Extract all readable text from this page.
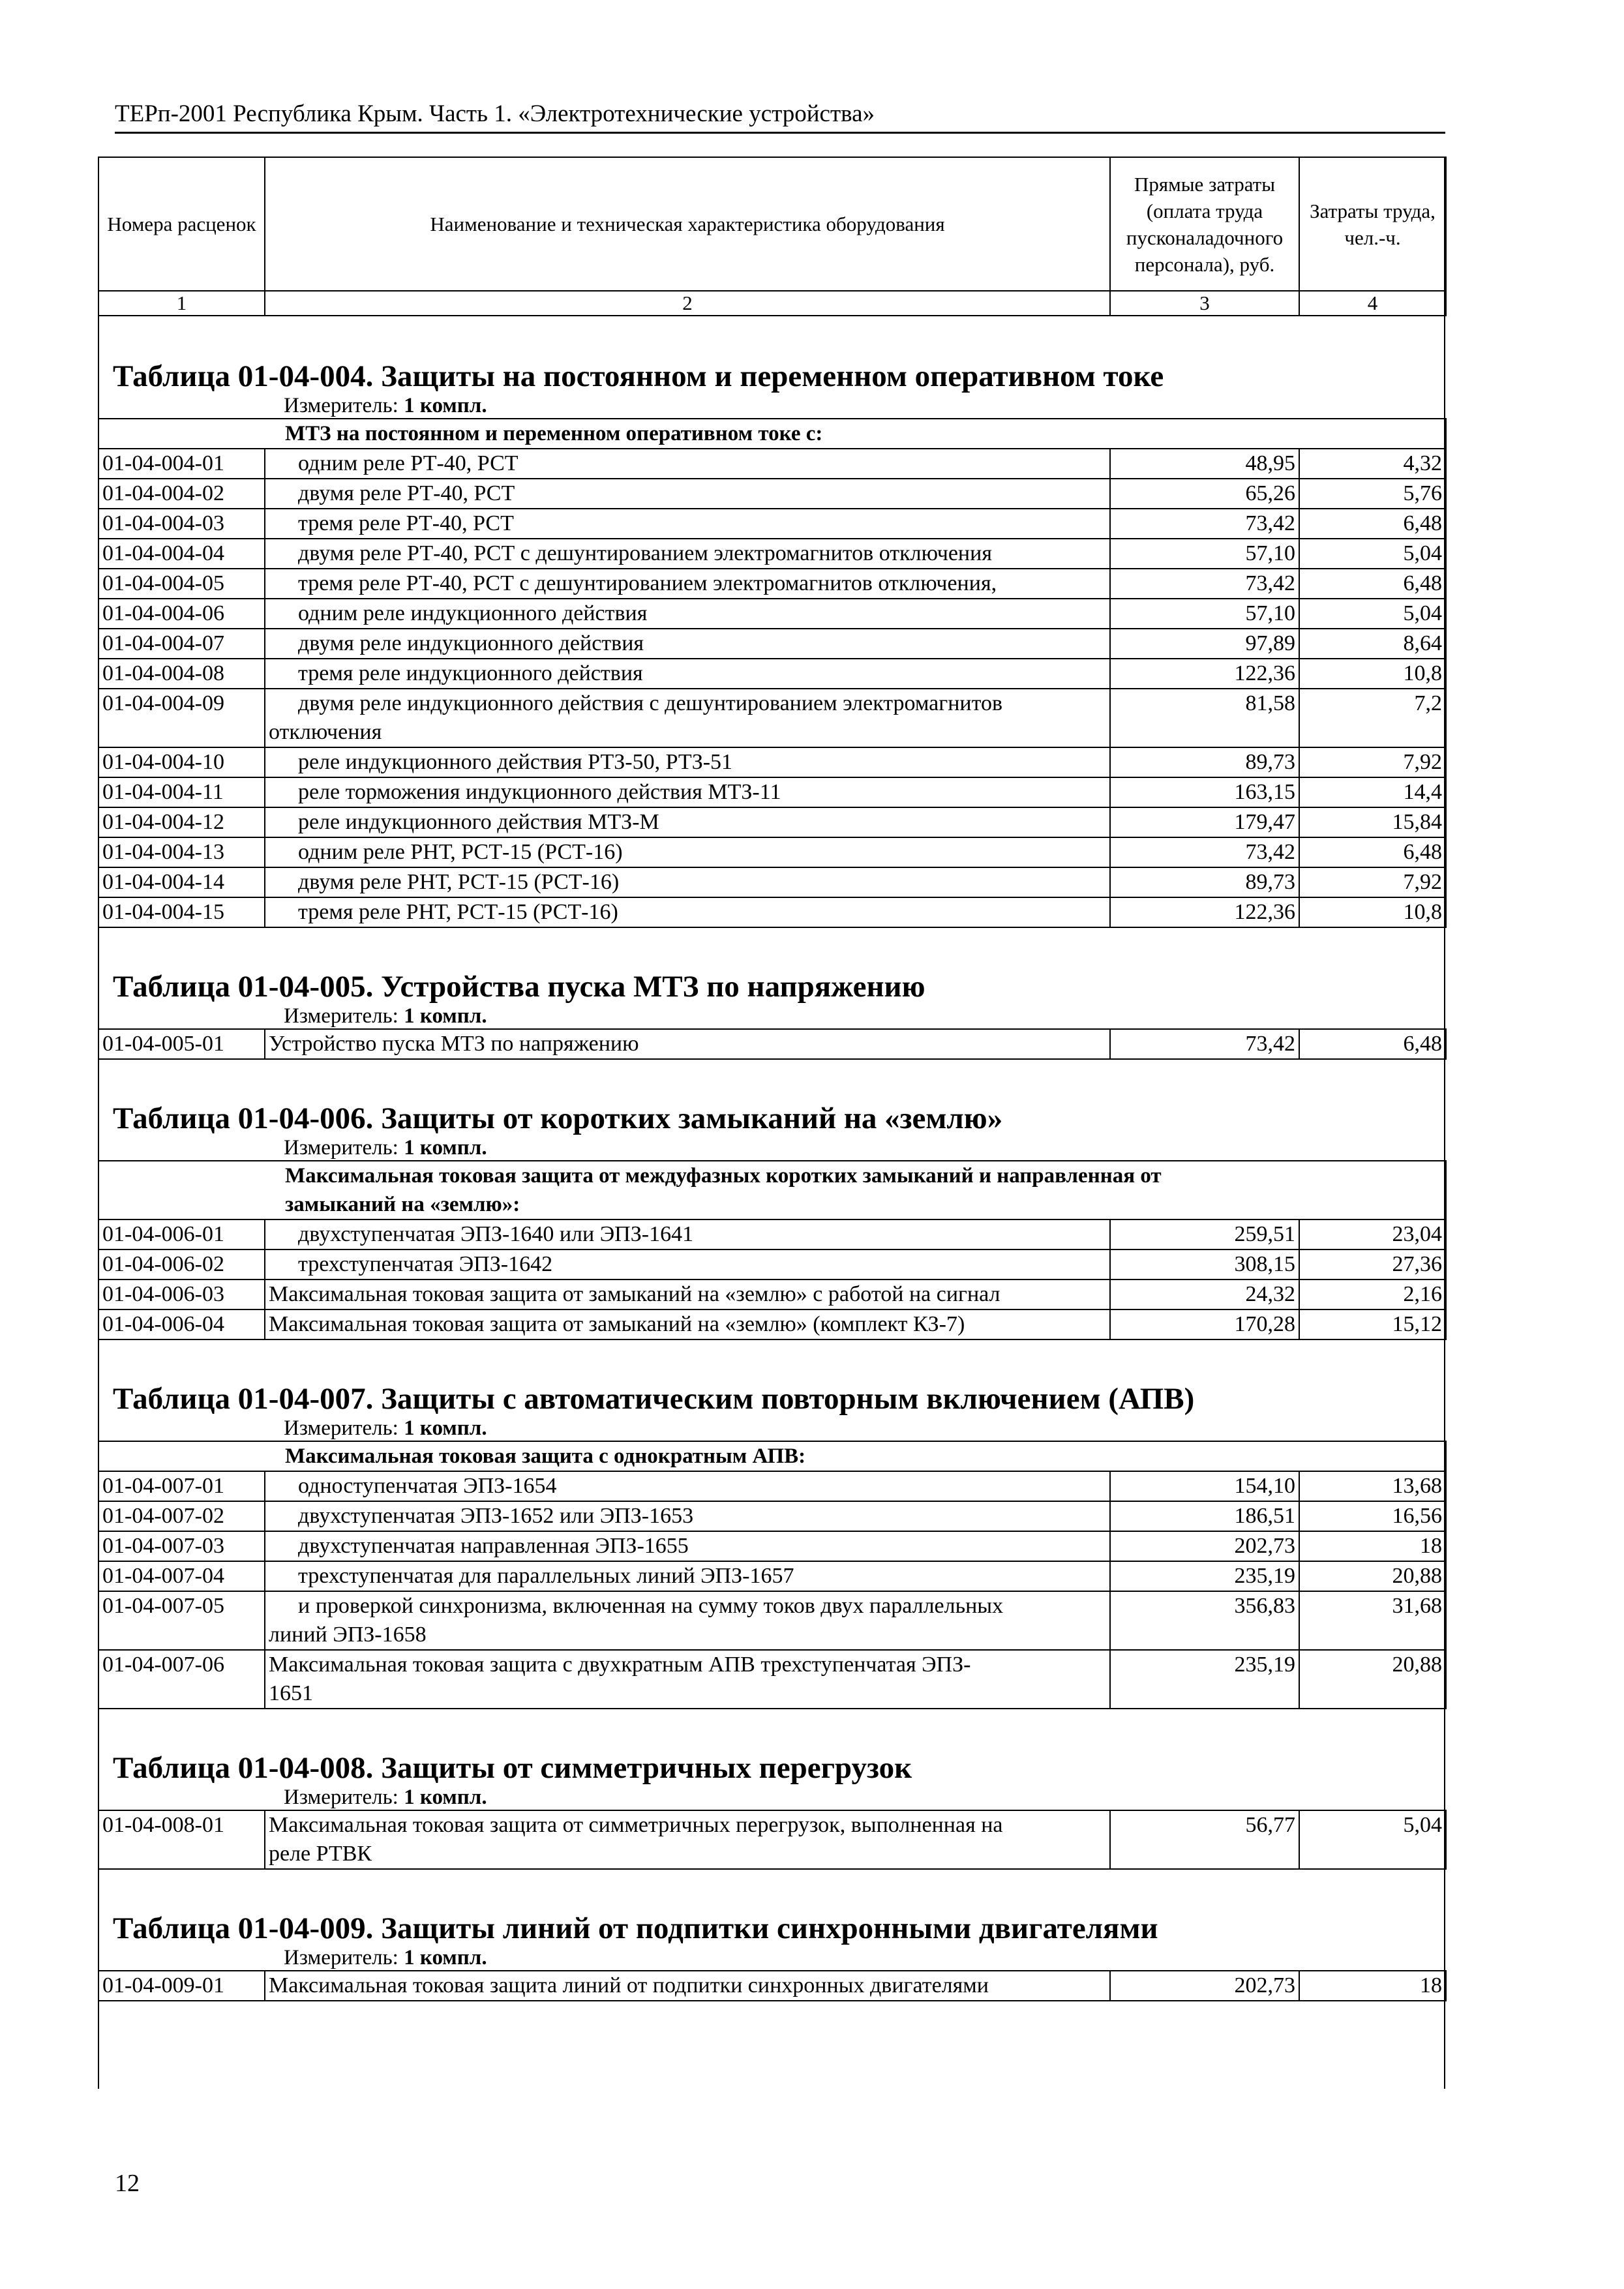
ТЕРп-2001 Республика Крым. Часть 1. «Электротехнические устройства»
Номера расценок	Наименование и техническая характеристика оборудования	Прямые затраты (оплата труда пусконаладочного персонала), руб.	Затраты труда, чел.-ч.
1	2	3	4
Таблица 01-04-004. Защиты на постоянном и переменном оперативном токе
Измеритель: 1 компл.
МТЗ на постоянном и переменном оперативном токе с:			
01-04-004-01	одним реле РТ-40, РСТ	48,95	4,32
01-04-004-02	двумя реле РТ-40, РСТ	65,26	5,76
01-04-004-03	тремя реле РТ-40, РСТ	73,42	6,48
01-04-004-04	двумя реле РТ-40, РСТ с дешунтированием электромагнитов отключения	57,10	5,04
01-04-004-05	тремя реле РТ-40, РСТ с дешунтированием электромагнитов отключения,	73,42	6,48
01-04-004-06	одним реле индукционного действия	57,10	5,04
01-04-004-07	двумя реле индукционного действия	97,89	8,64
01-04-004-08	тремя реле индукционного действия	122,36	10,8
01-04-004-09	двумя реле индукционного действия с дешунтированием электромагнитов
отключения	81,58	7,2
01-04-004-10	реле индукционного действия РТЗ-50, РТЗ-51	89,73	7,92
01-04-004-11	реле торможения индукционного действия МТЗ-11	163,15	14,4
01-04-004-12	реле индукционного действия МТЗ-М	179,47	15,84
01-04-004-13	одним реле РНТ, РСТ-15 (РСТ-16)	73,42	6,48
01-04-004-14	двумя реле РНТ, РСТ-15 (РСТ-16)	89,73	7,92
01-04-004-15	тремя реле РНТ, РСТ-15 (РСТ-16)	122,36	10,8
Таблица 01-04-005. Устройства пуска МТЗ по напряжению
Измеритель: 1 компл.
01-04-005-01	Устройство пуска МТЗ по напряжению	73,42	6,48
Таблица 01-04-006. Защиты от коротких замыканий на «землю»
Измеритель: 1 компл.
Максимальная токовая защита от междуфазных коротких замыканий и направленная от
замыканий на «землю»:			
01-04-006-01	двухступенчатая ЭПЗ-1640 или ЭПЗ-1641	259,51	23,04
01-04-006-02	трехступенчатая ЭПЗ-1642	308,15	27,36
01-04-006-03	Максимальная токовая защита от замыканий на «землю» с работой на сигнал	24,32	2,16
01-04-006-04	Максимальная токовая защита от замыканий на «землю» (комплект КЗ-7)	170,28	15,12
Таблица 01-04-007. Защиты с автоматическим повторным включением (АПВ)
Измеритель: 1 компл.
Максимальная токовая защита с однократным АПВ:			
01-04-007-01	одноступенчатая ЭПЗ-1654	154,10	13,68
01-04-007-02	двухступенчатая ЭПЗ-1652 или ЭПЗ-1653	186,51	16,56
01-04-007-03	двухступенчатая направленная ЭПЗ-1655	202,73	18
01-04-007-04	трехступенчатая для параллельных линий ЭПЗ-1657	235,19	20,88
01-04-007-05	и проверкой синхронизма, включенная на сумму токов двух параллельных
линий ЭПЗ-1658	356,83	31,68
01-04-007-06	Максимальная токовая защита с двухкратным АПВ трехступенчатая ЭПЗ-
1651	235,19	20,88
Таблица 01-04-008. Защиты от симметричных перегрузок
Измеритель: 1 компл.
01-04-008-01	Максимальная токовая защита от симметричных перегрузок, выполненная на
реле РТВК	56,77	5,04
Таблица 01-04-009. Защиты линий от подпитки синхронными двигателями
Измеритель: 1 компл.
01-04-009-01	Максимальная токовая защита линий от подпитки синхронных двигателями	202,73	18
12
